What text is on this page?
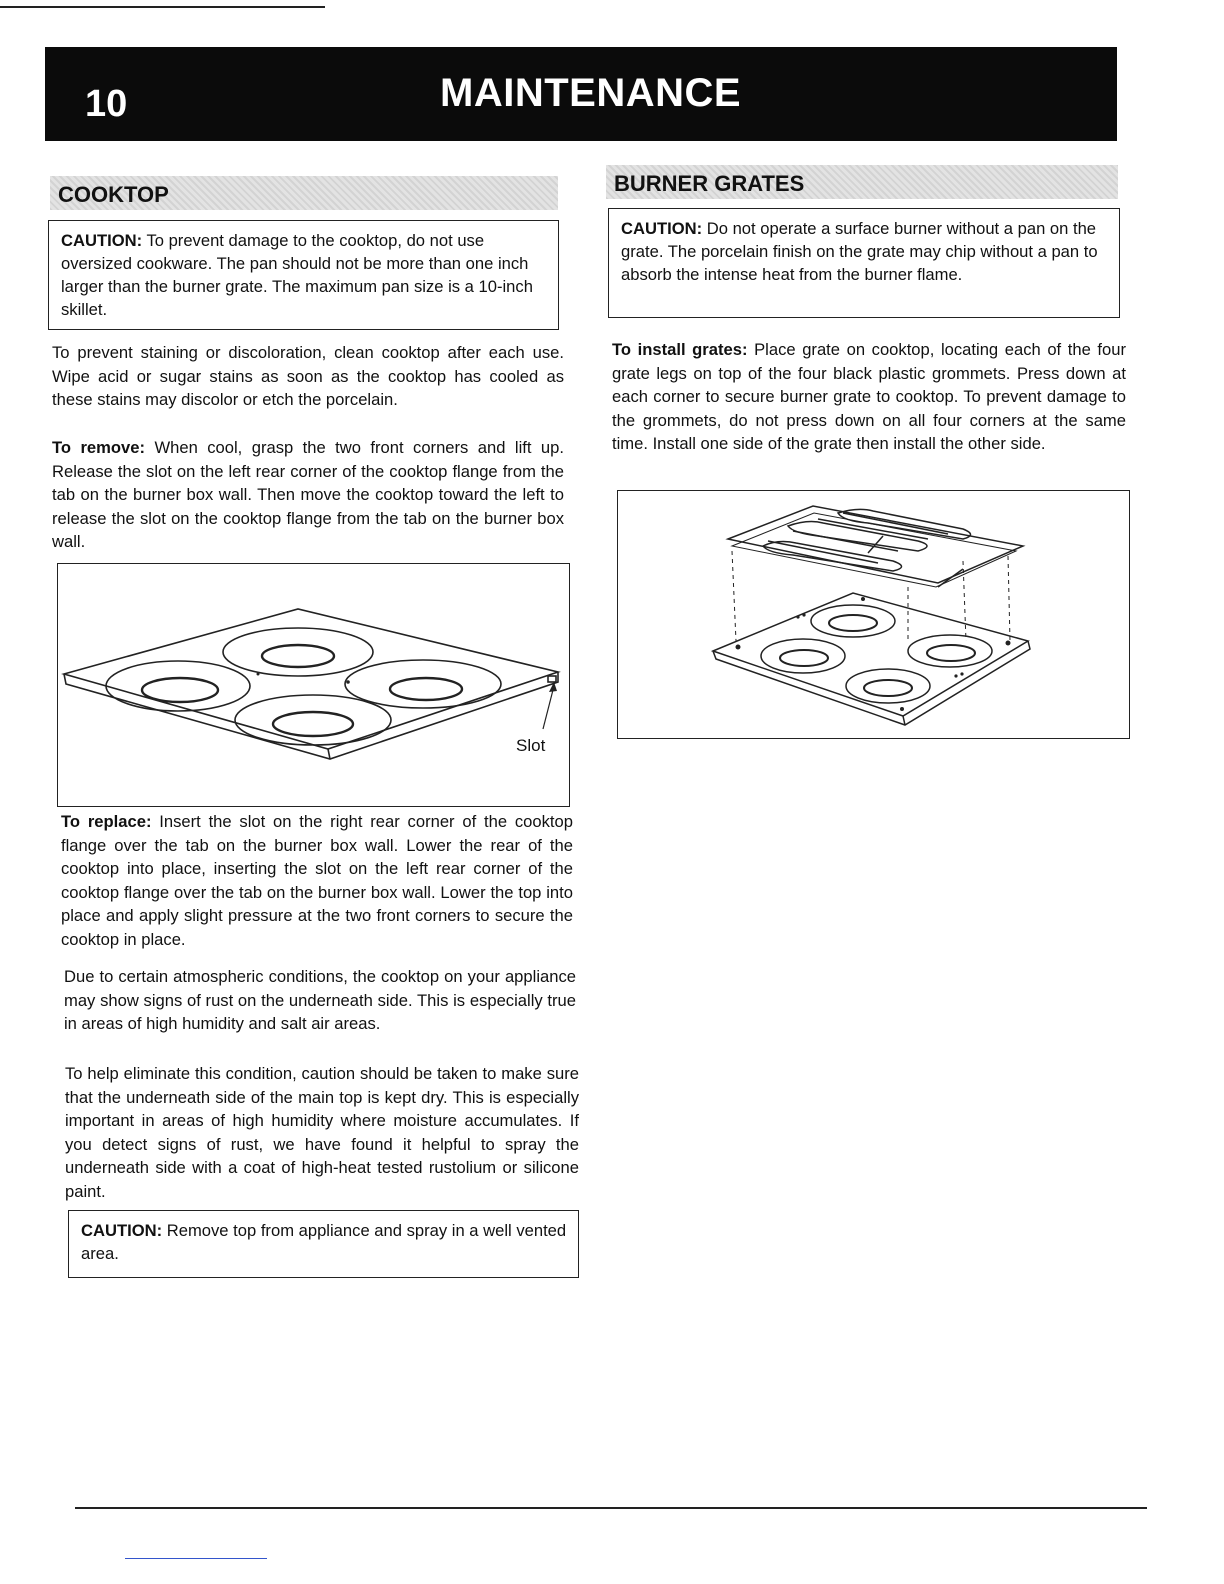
10	MAINTENANCE
COOKTOP
CAUTION: To prevent damage to the cooktop, do not use oversized cookware. The pan should not be more than one inch larger than the burner grate. The maximum pan size is a 10-inch skillet.

To prevent staining or discoloration, clean cooktop after each use. Wipe acid or sugar stains as soon as the cooktop has cooled as these stains may discolor or etch the porcelain.

To remove: When cool, grasp the two front corners and lift up. Release the slot on the left rear corner of the cooktop flange from the tab on the burner box wall. Then move the cooktop toward the left to release the slot on the cooktop flange from the tab on the burner box wall.

Slot

To replace: Insert the slot on the right rear corner of the cooktop flange over the tab on the burner box wall. Lower the rear of the cooktop into place, inserting the slot on the left rear corner of the cooktop flange over the tab on the burner box wall. Lower the top into place and apply slight pressure at the two front corners to secure the cooktop in place.

Due to certain atmospheric conditions, the cooktop on your appliance may show signs of rust on the underneath side. This is especially true in areas of high humidity and salt air areas.

To help eliminate this condition, caution should be taken to make sure that the underneath side of the main top is kept dry. This is especially important in areas of high humidity where moisture accumulates. If you detect signs of rust, we have found it helpful to spray the underneath side with a coat of high-heat tested rustolium or silicone paint.

CAUTION: Remove top from appliance and spray in a well vented area.
BURNER GRATES
CAUTION: Do not operate a surface burner without a pan on the grate. The porcelain finish on the grate may chip without a pan to absorb the intense heat from the burner flame.

To install grates: Place grate on cooktop, locating each of the four grate legs on top of the four black plastic grommets. Press down at each corner to secure burner grate to cooktop. To prevent damage to the grommets, do not press down on all four corners at the same time. Install one side of the grate then install the other side.
